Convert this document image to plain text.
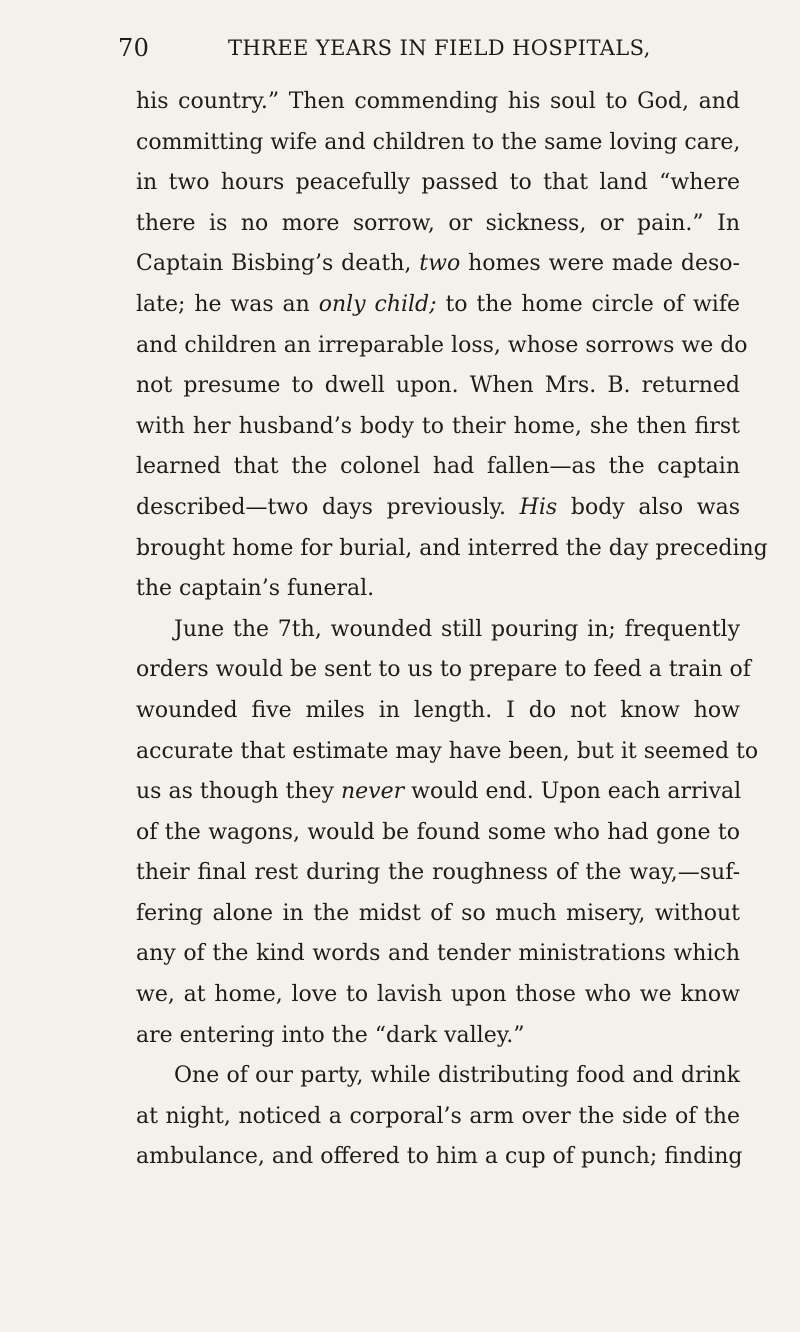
70	THREE YEARS IN FIELD HOSPITALS,
his country.” Then commending his soul to God, and
committing wife and children to the same loving care,
in two hours peacefully passed to that land “where
there is no more sorrow, or sickness, or pain.” In
Captain Bisbing’s death, two homes were made deso-
late; he was an only child; to the home circle of wife
and children an irreparable loss, whose sorrows we do
not presume to dwell upon. When Mrs. B. returned
with her husband’s body to their home, she then first
learned that the colonel had fallen—as the captain
described—two days previously. His body also was
brought home for burial, and interred the day preceding
the captain’s funeral.
June the 7th, wounded still pouring in; frequently
orders would be sent to us to prepare to feed a train of
wounded five miles in length. I do not know how
accurate that estimate may have been, but it seemed to
us as though they never would end. Upon each arrival
of the wagons, would be found some who had gone to
their final rest during the roughness of the way,—suf-
fering alone in the midst of so much misery, without
any of the kind words and tender ministrations which
we, at home, love to lavish upon those who we know
are entering into the “dark valley.”
One of our party, while distributing food and drink
at night, noticed a corporal’s arm over the side of the
ambulance, and offered to him a cup of punch; finding
